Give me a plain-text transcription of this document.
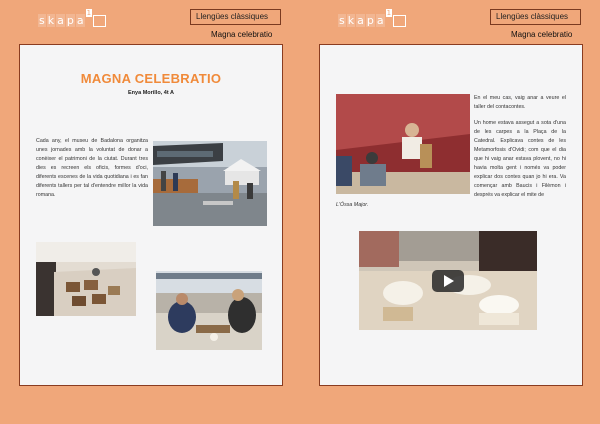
s k a p a
1	Llengües clàssiques
Magna celebratio
s k a p a
1	Llengües clàssiques
Magna celebratio
MAGNA CELEBRATIO
Enya Morillo, 4t A
Cada any, el museu de Badalona organitza unes jornades amb la voluntat de donar a conèixer el patrimoni de la ciutat. Durant tres dies es recreen els oficis, formes d'oci, diferents escenes de la vida quotidiana i es fan diferents tallers per tal d'entendre millor la vida romana.
En el meu cas, vaig anar a veure el taller del contacontes.
Un home estava assegut a sota d'una de les carpes a la Plaça de la Catedral. Explicava contes de les Metamorfosis d'Ovidi; com que el dia que hi vaig anar estava plovent, no hi havia molta gent i només va poder explicar dos contes quan jo hi era. Va començar amb Baucis i Filèmon i després va explicar el mite de
L'Óssa Major.
